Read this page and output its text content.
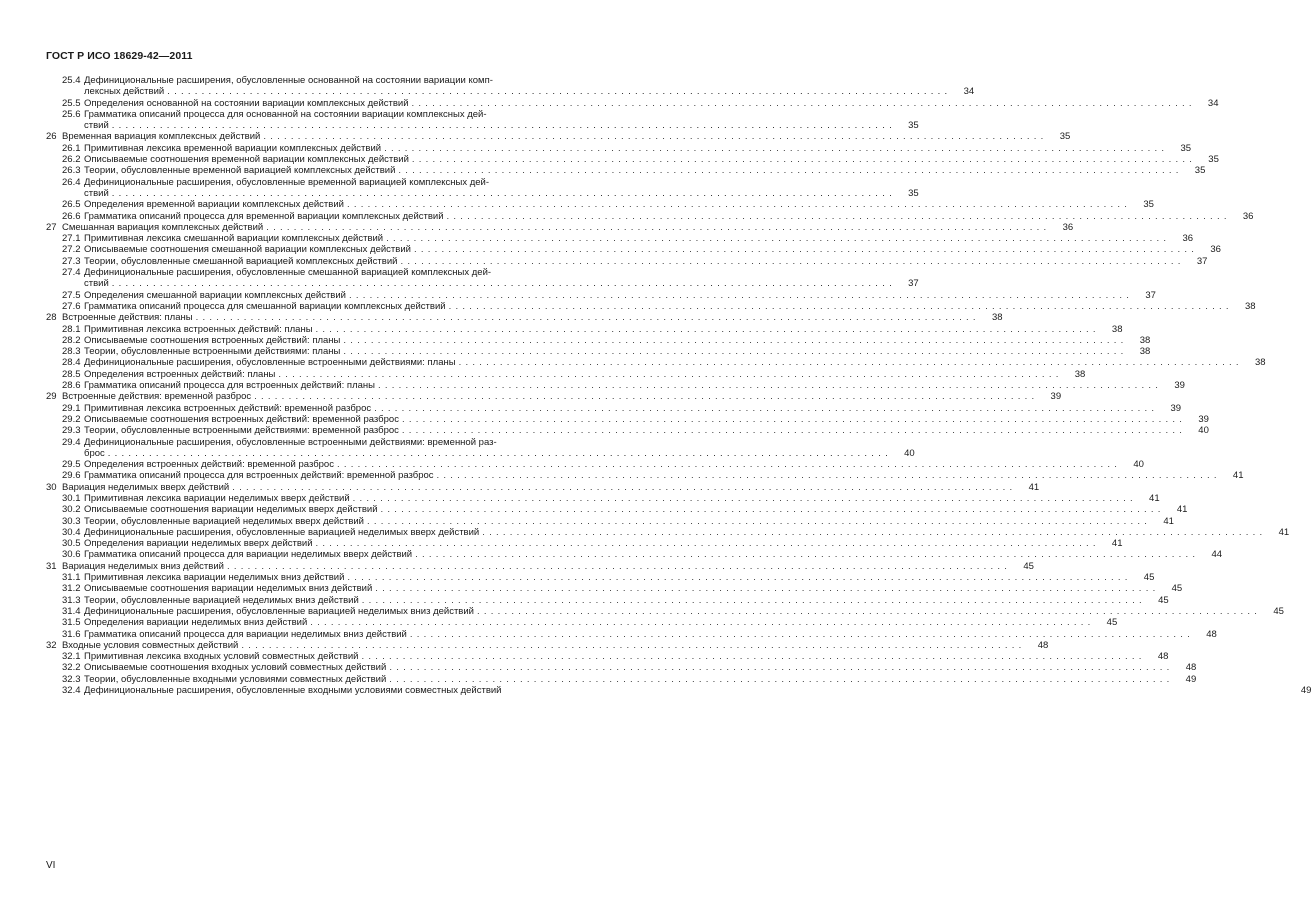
ГОСТ Р ИСО 18629-42—2011
25.4 Дефинициональные расширения, обусловленные основанной на состоянии вариации комп-
лексных действий . . .	34
25.5 Определения основанной на состоянии вариации комплексных действий . . .	34
25.6 Грамматика описаний процесса для основанной на состоянии вариации комплексных дей-
ствий . . .	35
26 Временная вариация комплексных действий . . .	35
26.1 Примитивная лексика временной вариации комплексных действий . . .	35
26.2 Описываемые соотношения временной вариации комплексных действий . . .	35
26.3 Теории, обусловленные временной вариацией комплексных действий . . .	35
26.4 Дефинициональные расширения, обусловленные временной вариацией комплексных дей-
ствий . . .	35
26.5 Определения временной вариации комплексных действий . . .	35
26.6 Грамматика описаний процесса для временной вариации комплексных действий . . .	36
27 Смешанная вариация комплексных действий . . .	36
27.1 Примитивная лексика смешанной вариации комплексных действий . . .	36
27.2 Описываемые соотношения смешанной вариации комплексных действий . . .	36
27.3 Теории, обусловленные смешанной вариацией комплексных действий . . .	37
27.4 Дефинициональные расширения, обусловленные смешанной вариацией комплексных дей-
ствий . . .	37
27.5 Определения смешанной вариации комплексных действий . . .	37
27.6 Грамматика описаний процесса для смешанной вариации комплексных действий . . .	38
28 Встроенные действия: планы . . .	38
28.1 Примитивная лексика встроенных действий: планы . . .	38
28.2 Описываемые соотношения встроенных действий: планы . . .	38
28.3 Теории, обусловленные встроенными действиями: планы . . .	38
28.4 Дефинициональные расширения, обусловленные встроенными действиями: планы . . .	38
28.5 Определения встроенных действий: планы . . .	38
28.6 Грамматика описаний процесса для встроенных действий: планы . . .	39
29 Встроенные действия: временной разброс . . .	39
29.1 Примитивная лексика встроенных действий: временной разброс . . .	39
29.2 Описываемые соотношения встроенных действий: временной разброс . . .	39
29.3 Теории, обусловленные встроенными действиями: временной разброс . . .	40
29.4 Дефинициональные расширения, обусловленные встроенными действиями: временной раз-
брос . . .	40
29.5 Определения встроенных действий: временной разброс . . .	40
29.6 Грамматика описаний процесса для встроенных действий: временной разброс . . .	41
30 Вариация неделимых вверх действий . . .	41
30.1 Примитивная лексика вариации неделимых вверх действий . . .	41
30.2 Описываемые соотношения вариации неделимых вверх действий . . .	41
30.3 Теории, обусловленные вариацией неделимых вверх действий . . .	41
30.4 Дефинициональные расширения, обусловленные вариацией неделимых вверх действий . . .	41
30.5 Определения вариации неделимых вверх действий . . .	41
30.6 Грамматика описаний процесса для вариации неделимых вверх действий . . .	44
31 Вариация неделимых вниз действий . . .	45
31.1 Примитивная лексика вариации неделимых вниз действий . . .	45
31.2 Описываемые соотношения вариации неделимых вниз действий . . .	45
31.3 Теории, обусловленные вариацией неделимых вниз действий . . .	45
31.4 Дефинициональные расширения, обусловленные вариацией неделимых вниз действий . . .	45
31.5 Определения вариации неделимых вниз действий . . .	45
31.6 Грамматика описаний процесса для вариации неделимых вниз действий . . .	48
32 Входные условия совместных действий . . .	48
32.1 Примитивная лексика входных условий совместных действий . . .	48
32.2 Описываемые соотношения входных условий совместных действий . . .	48
32.3 Теории, обусловленные входными условиями совместных действий . . .	49
32.4 Дефинициональные расширения, обусловленные входными условиями совместных действий	49
VI
